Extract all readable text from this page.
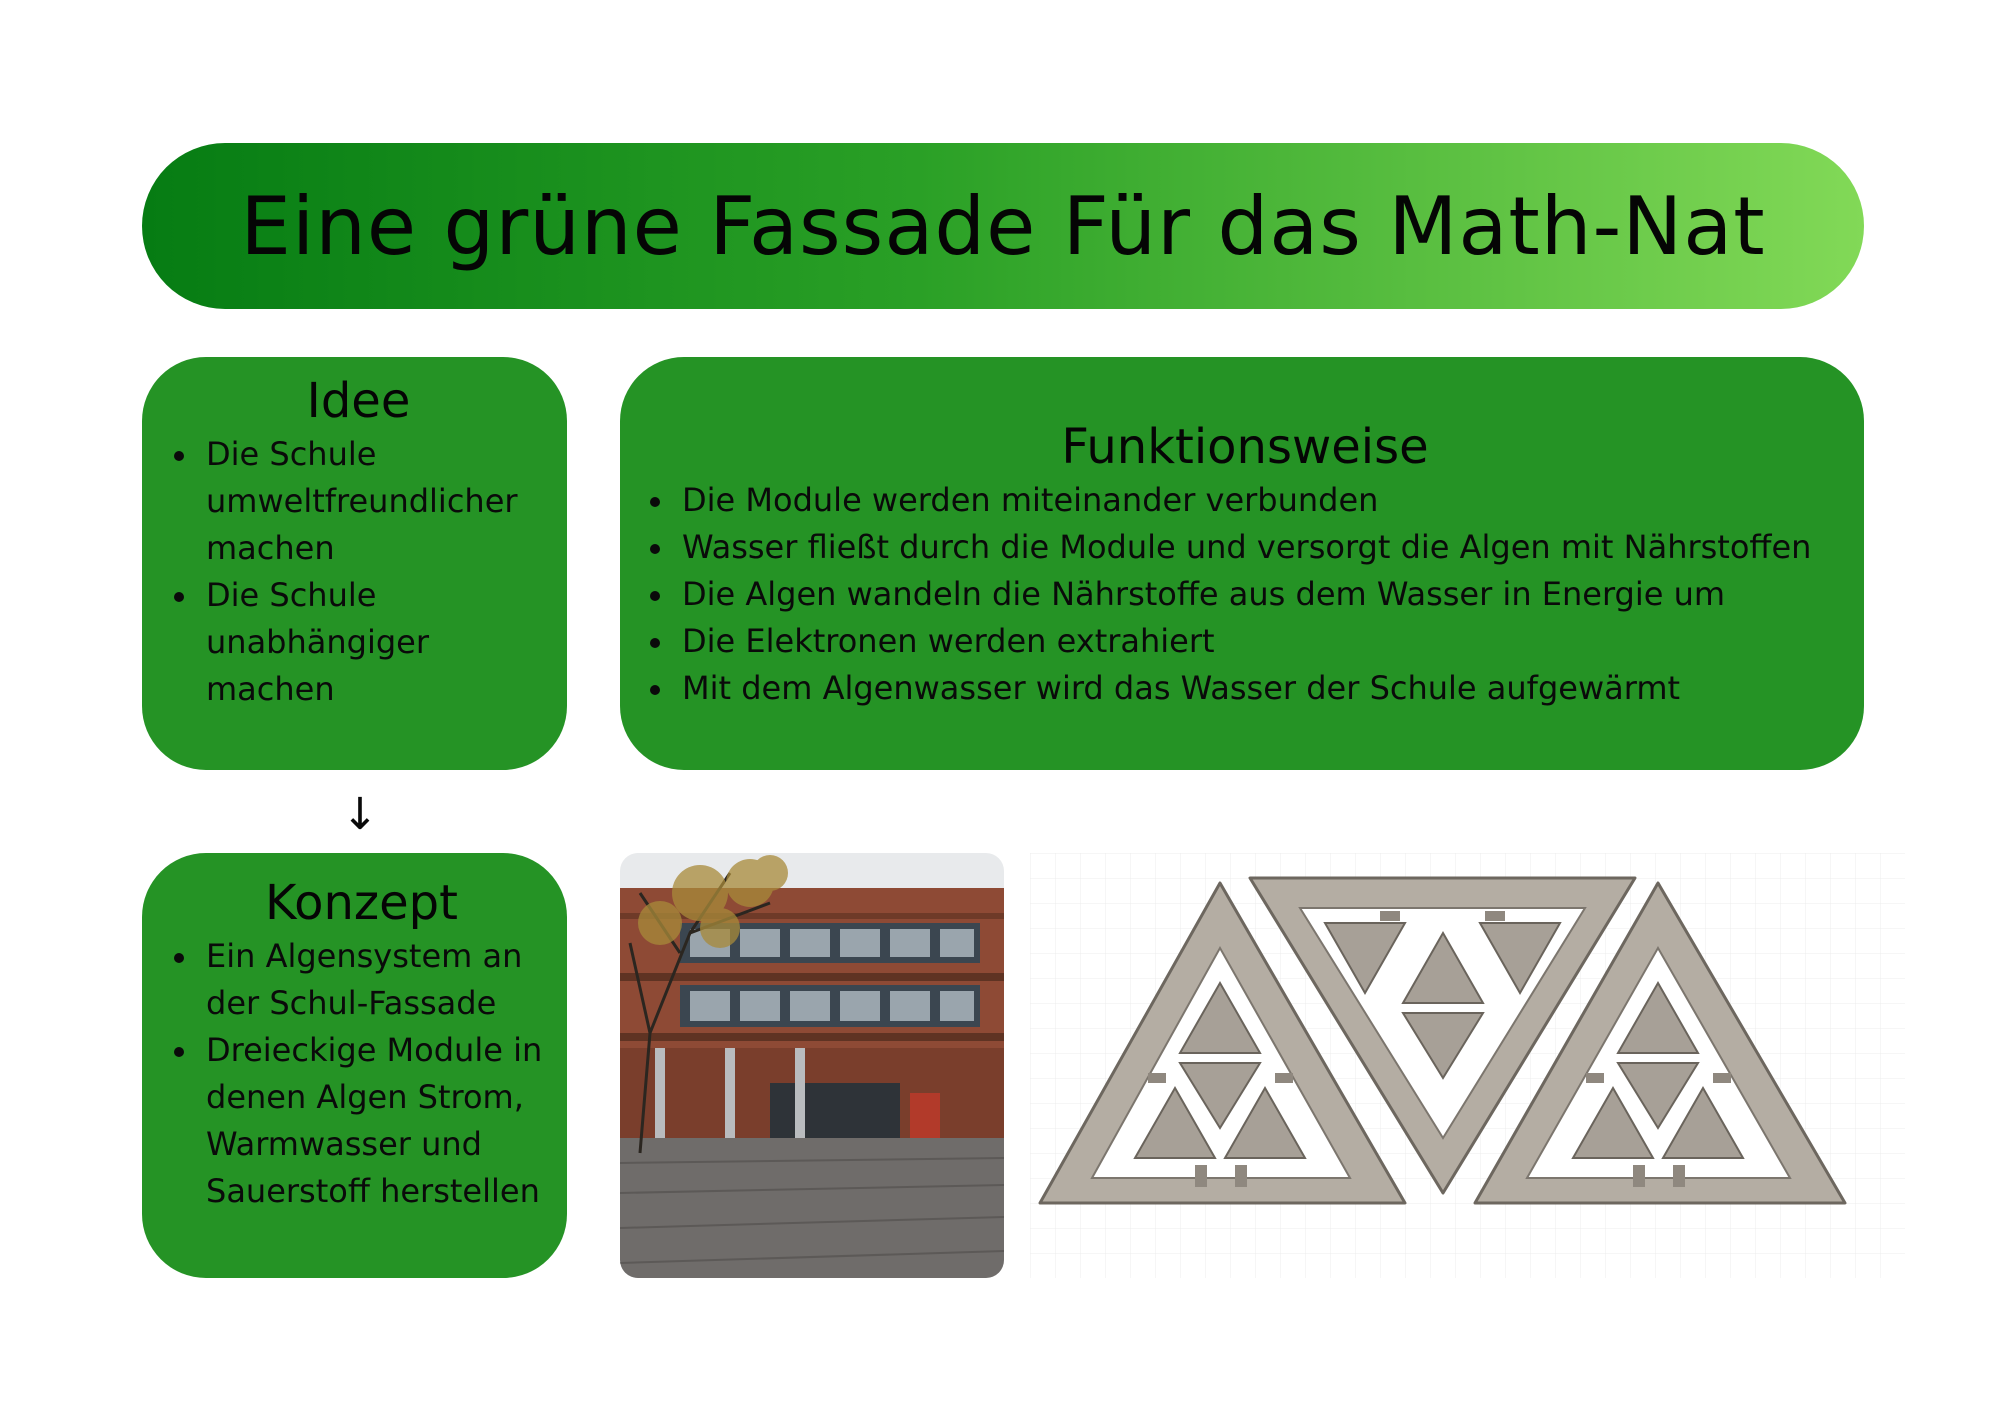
Eine grüne Fassade Für das Math-Nat
Idee
Die Schule umweltfreundlicher machen
Die Schule unabhängiger machen
Funktionsweise
Die Module werden miteinander verbunden
Wasser fließt durch die Module und versorgt die Algen mit Nährstoffen
Die Algen wandeln die Nährstoffe aus dem Wasser in Energie um
Die Elektronen werden extrahiert
Mit dem Algenwasser wird das Wasser der Schule aufgewärmt
↓
Konzept
Ein Algensystem an der Schul-Fassade
Dreieckige Module in denen Algen Strom, Warmwasser und Sauerstoff herstellen
